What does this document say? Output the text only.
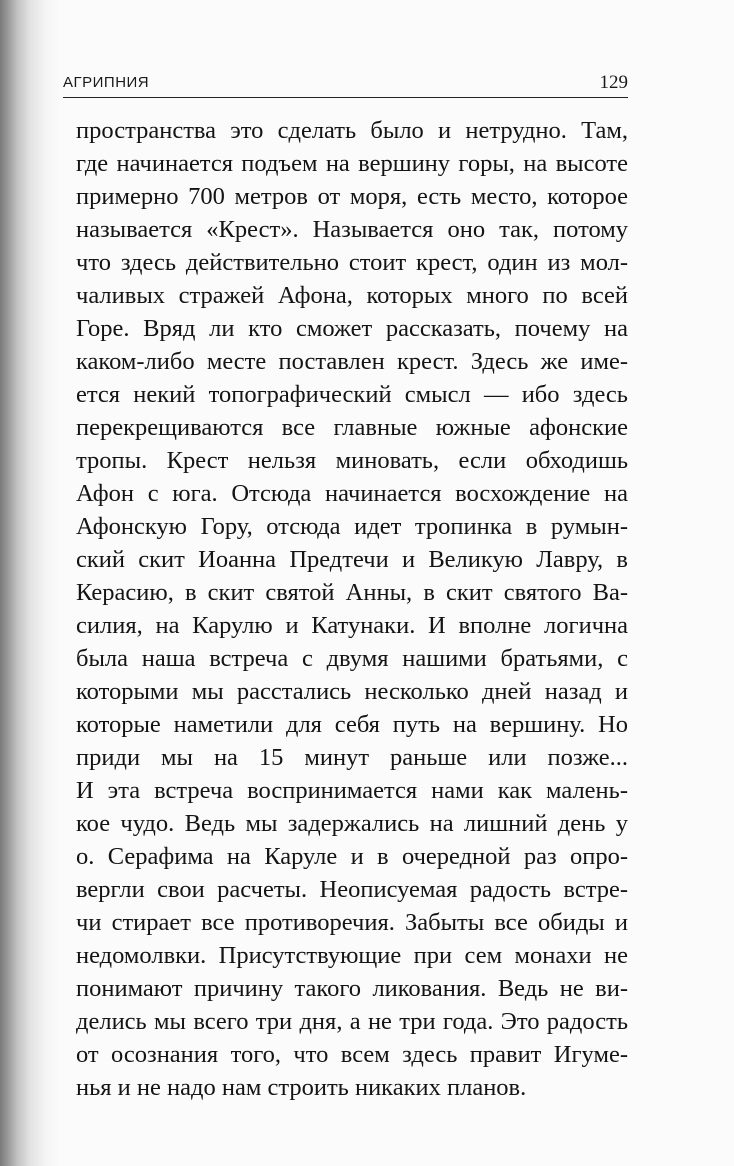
АГРИПНИЯ	129
пространства это сделать было и нетрудно. Там,
где начинается подъем на вершину горы, на высоте
примерно 700 метров от моря, есть место, которое
называется «Крест». Называется оно так, потому
что здесь действительно стоит крест, один из мол-
чаливых стражей Афона, которых много по всей
Горе. Вряд ли кто сможет рассказать, почему на
каком-либо месте поставлен крест. Здесь же име-
ется некий топографический смысл — ибо здесь
перекрещиваются все главные южные афонские
тропы. Крест нельзя миновать, если обходишь
Афон с юга. Отсюда начинается восхождение на
Афонскую Гору, отсюда идет тропинка в румын-
ский скит Иоанна Предтечи и Великую Лавру, в
Керасию, в скит святой Анны, в скит святого Ва-
силия, на Карулю и Катунаки. И вполне логична
была наша встреча с двумя нашими братьями, с
которыми мы расстались несколько дней назад и
которые наметили для себя путь на вершину. Но
приди мы на 15 минут раньше или позже...
И эта встреча воспринимается нами как малень-
кое чудо. Ведь мы задержались на лишний день у
о. Серафима на Каруле и в очередной раз опро-
вергли свои расчеты. Неописуемая радость встре-
чи стирает все противоречия. Забыты все обиды и
недомолвки. Присутствующие при сем монахи не
понимают причину такого ликования. Ведь не ви-
делись мы всего три дня, а не три года. Это радость
от осознания того, что всем здесь правит Игуме-
нья и не надо нам строить никаких планов.
